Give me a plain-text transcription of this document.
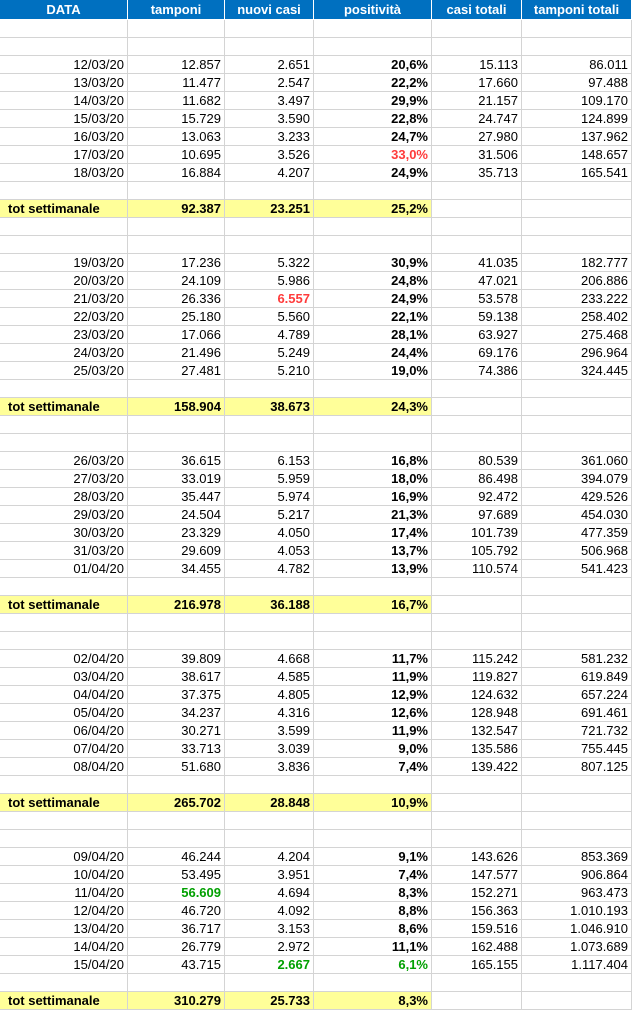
DATA	tamponi	nuovi casi	positività	casi totali	tamponi totali
12/03/20	12.857	2.651	20,6%	15.113	86.011
13/03/20	11.477	2.547	22,2%	17.660	97.488
14/03/20	11.682	3.497	29,9%	21.157	109.170
15/03/20	15.729	3.590	22,8%	24.747	124.899
16/03/20	13.063	3.233	24,7%	27.980	137.962
17/03/20	10.695	3.526	33,0%	31.506	148.657
18/03/20	16.884	4.207	24,9%	35.713	165.541
tot settimanale	92.387	23.251	25,2%
19/03/20	17.236	5.322	30,9%	41.035	182.777
20/03/20	24.109	5.986	24,8%	47.021	206.886
21/03/20	26.336	6.557	24,9%	53.578	233.222
22/03/20	25.180	5.560	22,1%	59.138	258.402
23/03/20	17.066	4.789	28,1%	63.927	275.468
24/03/20	21.496	5.249	24,4%	69.176	296.964
25/03/20	27.481	5.210	19,0%	74.386	324.445
tot settimanale	158.904	38.673	24,3%
26/03/20	36.615	6.153	16,8%	80.539	361.060
27/03/20	33.019	5.959	18,0%	86.498	394.079
28/03/20	35.447	5.974	16,9%	92.472	429.526
29/03/20	24.504	5.217	21,3%	97.689	454.030
30/03/20	23.329	4.050	17,4%	101.739	477.359
31/03/20	29.609	4.053	13,7%	105.792	506.968
01/04/20	34.455	4.782	13,9%	110.574	541.423
tot settimanale	216.978	36.188	16,7%
02/04/20	39.809	4.668	11,7%	115.242	581.232
03/04/20	38.617	4.585	11,9%	119.827	619.849
04/04/20	37.375	4.805	12,9%	124.632	657.224
05/04/20	34.237	4.316	12,6%	128.948	691.461
06/04/20	30.271	3.599	11,9%	132.547	721.732
07/04/20	33.713	3.039	9,0%	135.586	755.445
08/04/20	51.680	3.836	7,4%	139.422	807.125
tot settimanale	265.702	28.848	10,9%
09/04/20	46.244	4.204	9,1%	143.626	853.369
10/04/20	53.495	3.951	7,4%	147.577	906.864
11/04/20	56.609	4.694	8,3%	152.271	963.473
12/04/20	46.720	4.092	8,8%	156.363	1.010.193
13/04/20	36.717	3.153	8,6%	159.516	1.046.910
14/04/20	26.779	2.972	11,1%	162.488	1.073.689
15/04/20	43.715	2.667	6,1%	165.155	1.117.404
tot settimanale	310.279	25.733	8,3%
